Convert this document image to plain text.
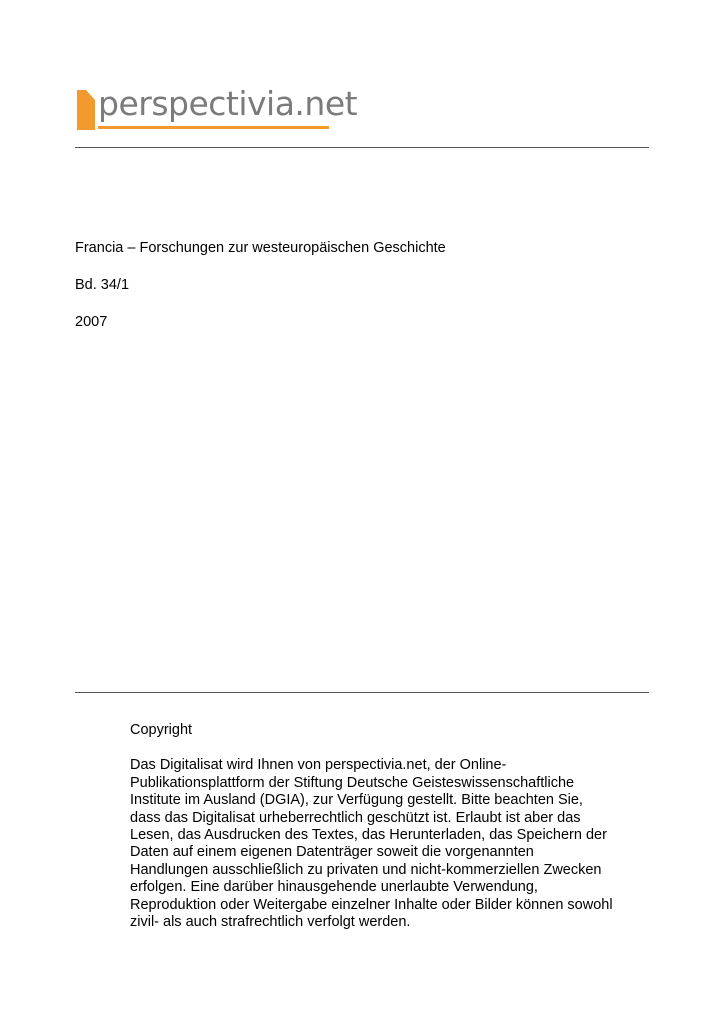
perspectivia.net
Francia – Forschungen zur westeuropäischen Geschichte
Bd. 34/1
2007

Copyright

Das Digitalisat wird Ihnen von perspectivia.net, der Online-
Publikationsplattform der Stiftung Deutsche Geisteswissenschaftliche
Institute im Ausland (DGIA), zur Verfügung gestellt. Bitte beachten Sie,
dass das Digitalisat urheberrechtlich geschützt ist. Erlaubt ist aber das
Lesen, das Ausdrucken des Textes, das Herunterladen, das Speichern der
Daten auf einem eigenen Datenträger soweit die vorgenannten
Handlungen ausschließlich zu privaten und nicht-kommerziellen Zwecken
erfolgen. Eine darüber hinausgehende unerlaubte Verwendung,
Reproduktion oder Weitergabe einzelner Inhalte oder Bilder können sowohl
zivil- als auch strafrechtlich verfolgt werden.
